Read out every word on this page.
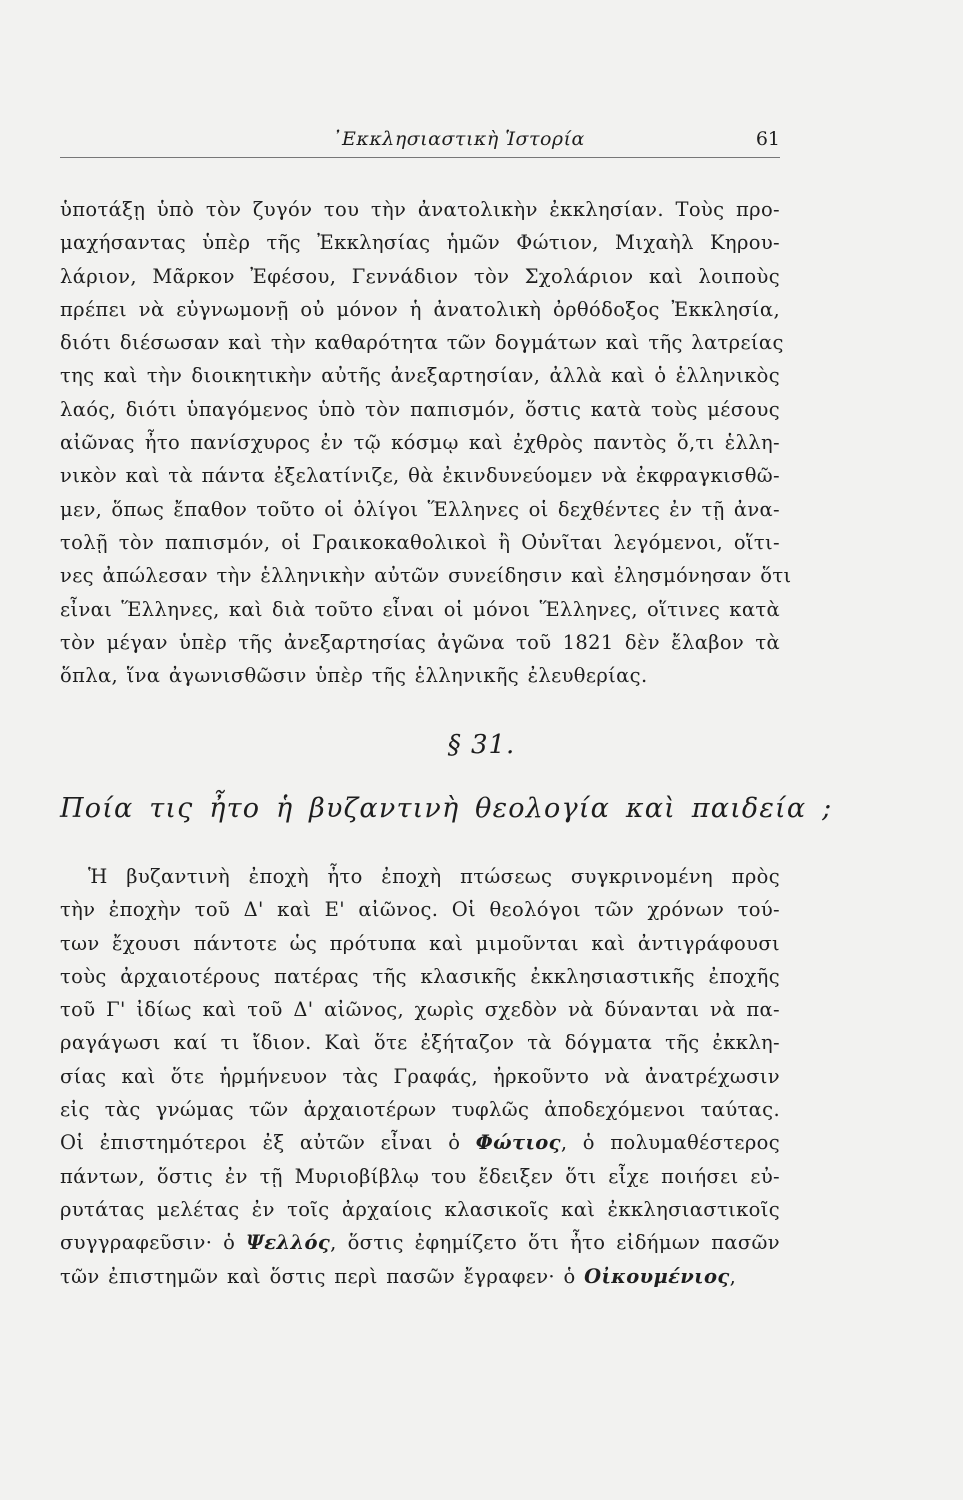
᾿Εκκλησιαστικὴ Ἱστορία	61
ὑποτάξῃ ὑπὸ τὸν ζυγόν του τὴν ἀνατολικὴν ἐκκλησίαν. Τοὺς προ-
μαχήσαντας ὑπὲρ τῆς Ἐκκλησίας ἡμῶν Φώτιον, Μιχαὴλ Κηρου-
λάριον, Μᾶρκον Ἐφέσου, Γεννάδιον τὸν Σχολάριον καὶ λοιποὺς
πρέπει νὰ εὐγνωμονῇ οὐ μόνον ἡ ἀνατολικὴ ὀρθόδοξος Ἐκκλησία,
διότι διέσωσαν καὶ τὴν καθαρότητα τῶν δογμάτων καὶ τῆς λατρείας
της καὶ τὴν διοικητικὴν αὐτῆς ἀνεξαρτησίαν, ἀλλὰ καὶ ὁ ἑλληνικὸς
λαός, διότι ὑπαγόμενος ὑπὸ τὸν παπισμόν, ὅστις κατὰ τοὺς μέσους
αἰῶνας ἦτο πανίσχυρος ἐν τῷ κόσμῳ καὶ ἐχθρὸς παντὸς ὅ,τι ἑλλη-
νικὸν καὶ τὰ πάντα ἐξελατίνιζε, θὰ ἐκινδυνεύομεν νὰ ἐκφραγκισθῶ-
μεν, ὅπως ἔπαθον τοῦτο οἱ ὀλίγοι Ἕλληνες οἱ δεχθέντες ἐν τῇ ἀνα-
τολῇ τὸν παπισμόν, οἱ Γραικοκαθολικοὶ ἢ Οὐνῖται λεγόμενοι, οἵτι-
νες ἀπώλεσαν τὴν ἑλληνικὴν αὐτῶν συνείδησιν καὶ ἐλησμόνησαν ὅτι
εἶναι Ἕλληνες, καὶ διὰ τοῦτο εἶναι οἱ μόνοι Ἕλληνες, οἵτινες κατὰ
τὸν μέγαν ὑπὲρ τῆς ἀνεξαρτησίας ἀγῶνα τοῦ 1821 δὲν ἔλαβον τὰ
ὅπλα, ἵνα ἀγωνισθῶσιν ὑπὲρ τῆς ἑλληνικῆς ἐλευθερίας.
§ 31.
Ποία τις ἦτο ἡ βυζαντινὴ θεολογία καὶ παιδεία ;
Ἡ βυζαντινὴ ἐποχὴ ἦτο ἐποχὴ πτώσεως συγκρινομένη πρὸς
τὴν ἐποχὴν τοῦ Δ' καὶ Ε' αἰῶνος. Οἱ θεολόγοι τῶν χρόνων τού-
των ἔχουσι πάντοτε ὡς πρότυπα καὶ μιμοῦνται καὶ ἀντιγράφουσι
τοὺς ἀρχαιοτέρους πατέρας τῆς κλασικῆς ἐκκλησιαστικῆς ἐποχῆς
τοῦ Γ' ἰδίως καὶ τοῦ Δ' αἰῶνος, χωρὶς σχεδὸν νὰ δύνανται νὰ πα-
ραγάγωσι καί τι ἴδιον. Καὶ ὅτε ἐξήταζον τὰ δόγματα τῆς ἐκκλη-
σίας καὶ ὅτε ἡρμήνευον τὰς Γραφάς, ἠρκοῦντο νὰ ἀνατρέχωσιν
εἰς τὰς γνώμας τῶν ἀρχαιοτέρων τυφλῶς ἀποδεχόμενοι ταύτας.
Οἱ ἐπιστημότεροι ἐξ αὐτῶν εἶναι ὁ Φώτιος, ὁ πολυμαθέστερος
πάντων, ὅστις ἐν τῇ Μυριοβίβλῳ του ἔδειξεν ὅτι εἶχε ποιήσει εὐ-
ρυτάτας μελέτας ἐν τοῖς ἀρχαίοις κλασικοῖς καὶ ἐκκλησιαστικοῖς
συγγραφεῦσιν· ὁ Ψελλός, ὅστις ἐφημίζετο ὅτι ἦτο εἰδήμων πασῶν
τῶν ἐπιστημῶν καὶ ὅστις περὶ πασῶν ἔγραφεν· ὁ Οἰκουμένιος,
